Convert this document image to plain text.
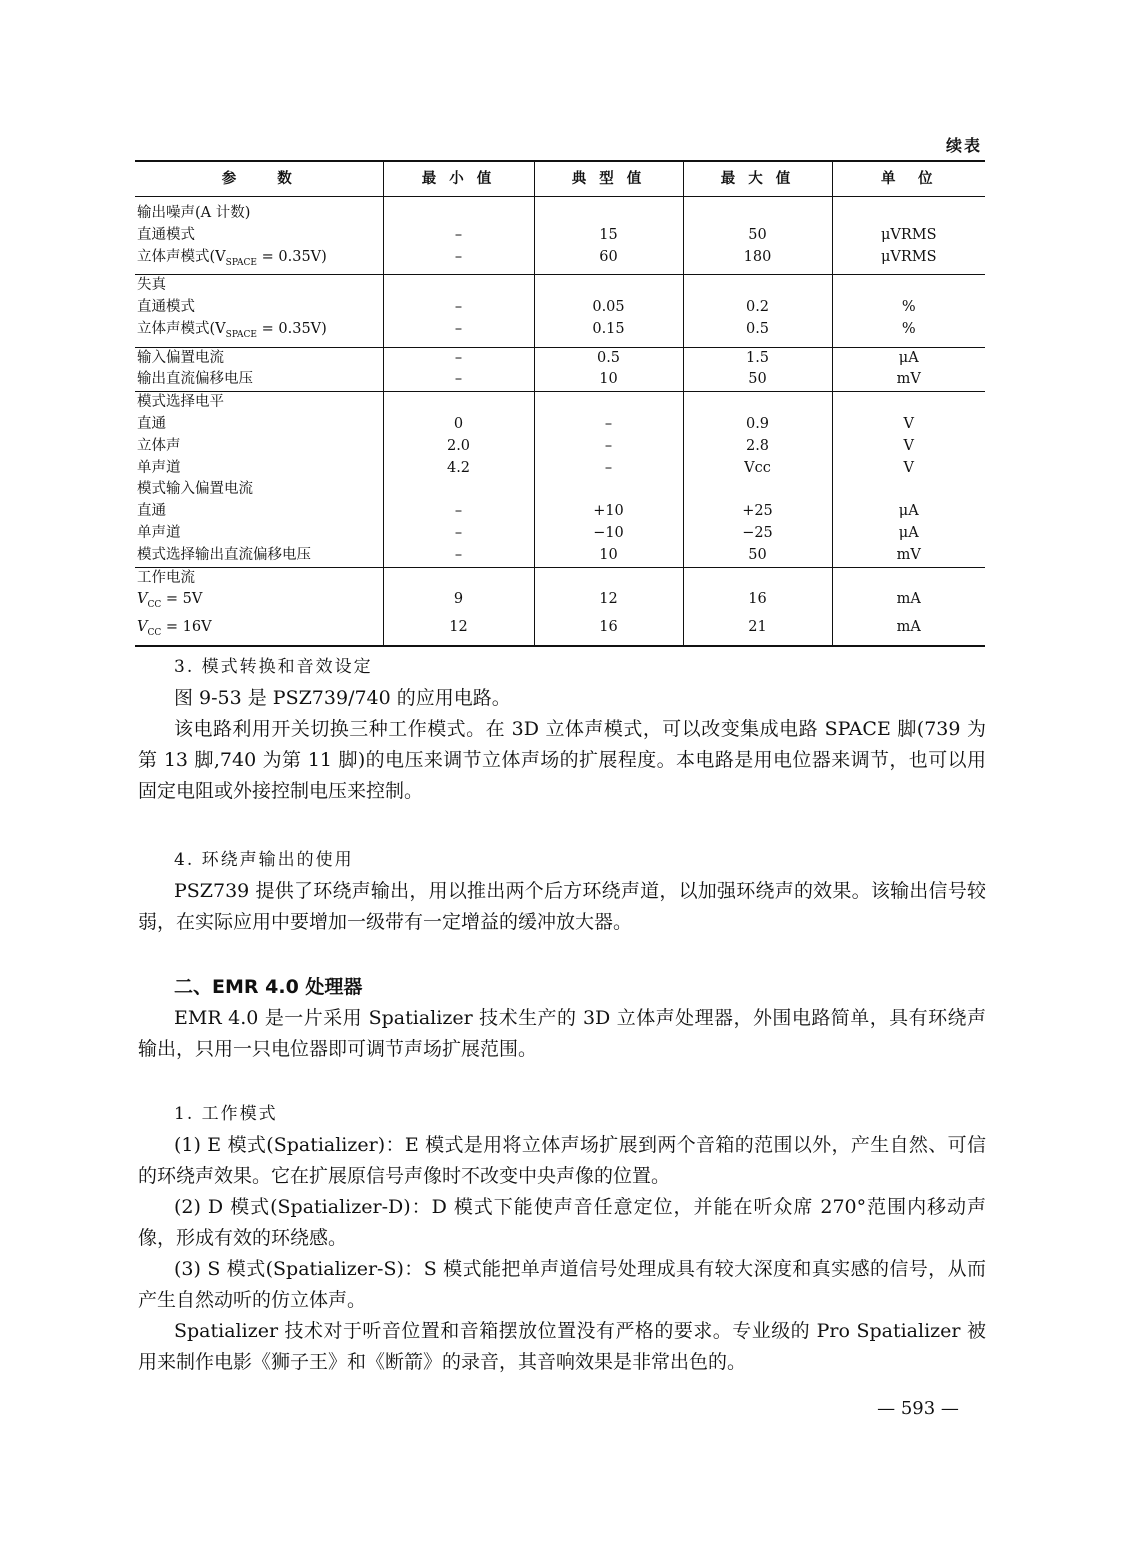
续表
参　　数	最 小 值	典 型 值	最 大 值	单　位
输出噪声(A 计数)				
直通模式	–	15	50	μVRMS
立体声模式$(V_{SPACE} = 0.35V)$	–	60	180	μVRMS
失真				
直通模式	–	0.05	0.2	%
立体声模式$(V_{SPACE} = 0.35V)$	–	0.15	0.5	%
输入偏置电流	–	0.5	1.5	μA
输出直流偏移电压	–	10	50	mV
模式选择电平				
直通	0	–	0.9	V
立体声	2.0	–	2.8	V
单声道	4.2	–	Vcc	V
模式输入偏置电流				
直通	–	+10	+25	μA
单声道	–	−10	−25	μA
模式选择输出直流偏移电压	–	10	50	mV
工作电流				
$V_{CC} = 5V$	9	12	16	mA
$V_{CC} = 16V$	12	16	21	mA

3. 模式转换和音效设定

图 9-53 是 PSZ739/740 的应用电路。

该电路利用开关切换三种工作模式。在 3D 立体声模式，可以改变集成电路 SPACE 脚(739 为第 13 脚,740 为第 11 脚)的电压来调节立体声场的扩展程度。本电路是用电位器来调节，也可以用固定电阻或外接控制电压来控制。

4. 环绕声输出的使用

PSZ739 提供了环绕声输出，用以推出两个后方环绕声道，以加强环绕声的效果。该输出信号较弱，在实际应用中要增加一级带有一定增益的缓冲放大器。

二、EMR 4.0 处理器

EMR 4.0 是一片采用 Spatializer 技术生产的 3D 立体声处理器，外围电路简单，具有环绕声输出，只用一只电位器即可调节声场扩展范围。

1. 工作模式

(1) E 模式(Spatializer)：E 模式是用将立体声场扩展到两个音箱的范围以外，产生自然、可信的环绕声效果。它在扩展原信号声像时不改变中央声像的位置。

(2) D 模式(Spatializer-D)：D 模式下能使声音任意定位，并能在听众席 270°范围内移动声像，形成有效的环绕感。

(3) S 模式(Spatializer-S)：S 模式能把单声道信号处理成具有较大深度和真实感的信号，从而产生自然动听的仿立体声。

Spatializer 技术对于听音位置和音箱摆放位置没有严格的要求。专业级的 Pro Spatializer 被用来制作电影《狮子王》和《断箭》的录音，其音响效果是非常出色的。

— 593 —
